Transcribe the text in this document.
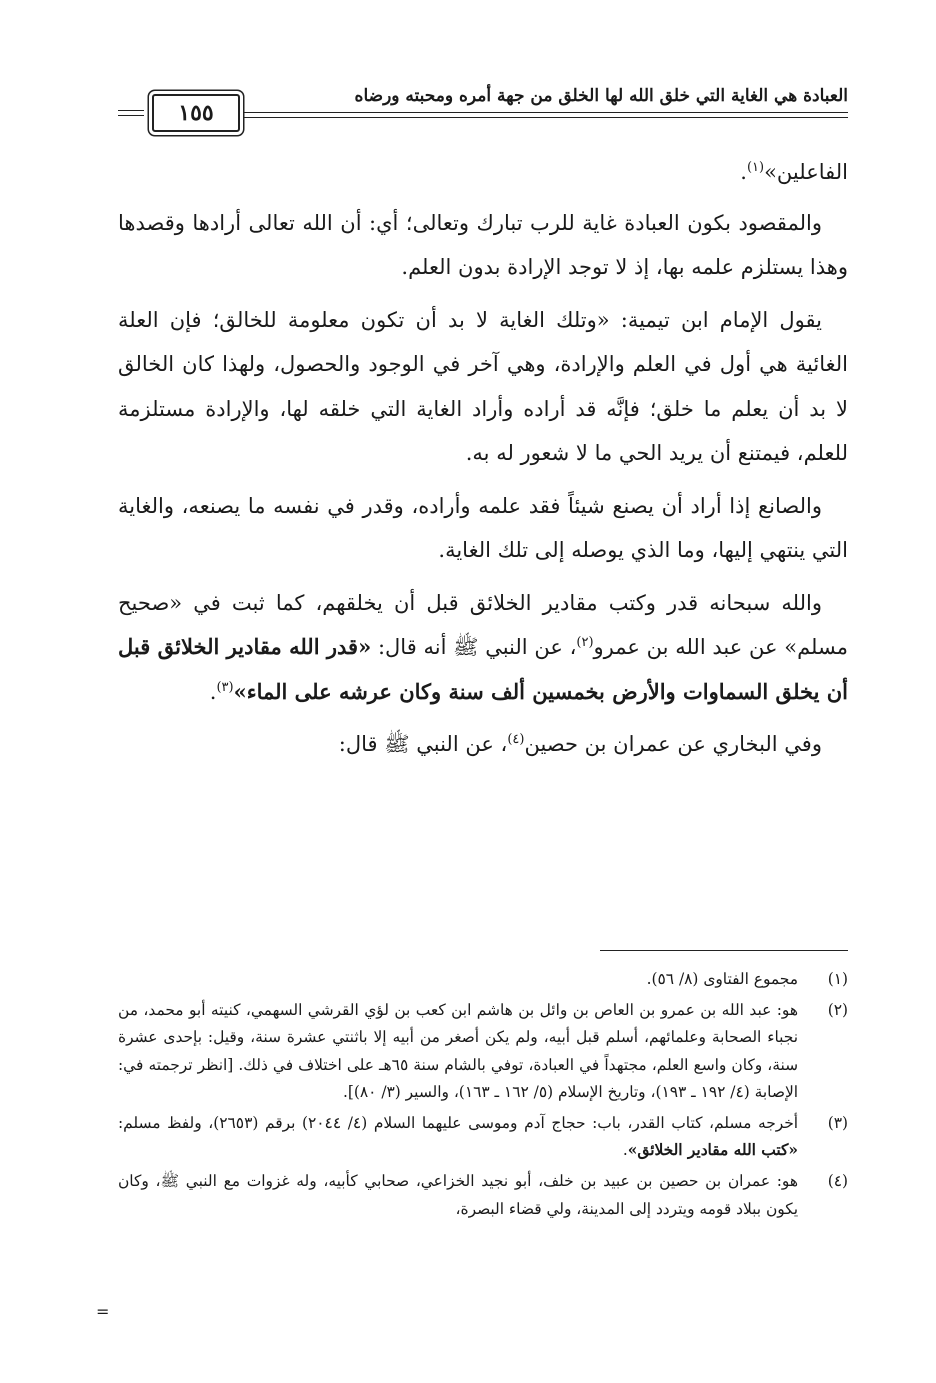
العبادة هي الغاية التي خلق الله لها الخلق من جهة أمره ومحبته ورضاه
١٥٥

الفاعلين»$^{(١)}$.

والمقصود بكون العبادة غاية للرب تبارك وتعالى؛ أي: أن الله تعالى أرادها وقصدها وهذا يستلزم علمه بها، إذ لا توجد الإرادة بدون العلم.

يقول الإمام ابن تيمية: «وتلك الغاية لا بد أن تكون معلومة للخالق؛ فإن العلة الغائية هي أول في العلم والإرادة، وهي آخر في الوجود والحصول، ولهذا كان الخالق لا بد أن يعلم ما خلق؛ فإنَّه قد أراده وأراد الغاية التي خلقه لها، والإرادة مستلزمة للعلم، فيمتنع أن يريد الحي ما لا شعور له به.

والصانع إذا أراد أن يصنع شيئاً فقد علمه وأراده، وقدر في نفسه ما يصنعه، والغاية التي ينتهي إليها، وما الذي يوصله إلى تلك الغاية.

والله سبحانه قدر وكتب مقادير الخلائق قبل أن يخلقهم، كما ثبت في «صحيح مسلم» عن عبد الله بن عمرو$^{(٢)}$، عن النبي ﷺ أنه قال: «قدر الله مقادير الخلائق قبل أن يخلق السماوات والأرض بخمسين ألف سنة وكان عرشه على الماء»$^{(٣)}$.

وفي البخاري عن عمران بن حصين$^{(٤)}$، عن النبي ﷺ قال:

(١)
مجموع الفتاوى (٨/ ٥٦).
(٢)
هو: عبد الله بن عمرو بن العاص بن وائل بن هاشم ابن كعب بن لؤي القرشي السهمي، كنيته أبو محمد، من نجباء الصحابة وعلمائهم، أسلم قبل أبيه، ولم يكن أصغر من أبيه إلا باثنتي عشرة سنة، وقيل: بإحدى عشرة سنة، وكان واسع العلم، مجتهداً في العبادة، توفي بالشام سنة ٦٥هـ على اختلاف في ذلك. [انظر ترجمته في: الإصابة (٤/ ١٩٢ ـ ١٩٣)، وتاريخ الإسلام (٥/ ١٦٢ ـ ١٦٣)، والسير (٣/ ٨٠)].
(٣)
أخرجه مسلم، كتاب القدر، باب: حجاج آدم وموسى عليهما السلام (٤/ ٢٠٤٤) برقم (٢٦٥٣)، ولفظ مسلم: «كتب الله مقادير الخلائق».
(٤)
هو: عمران بن حصين بن عبيد بن خلف، أبو نجيد الخزاعي، صحابي كأبيه، وله غزوات مع النبي ﷺ، وكان يكون ببلاد قومه ويتردد إلى المدينة، ولي قضاء البصرة،
=
